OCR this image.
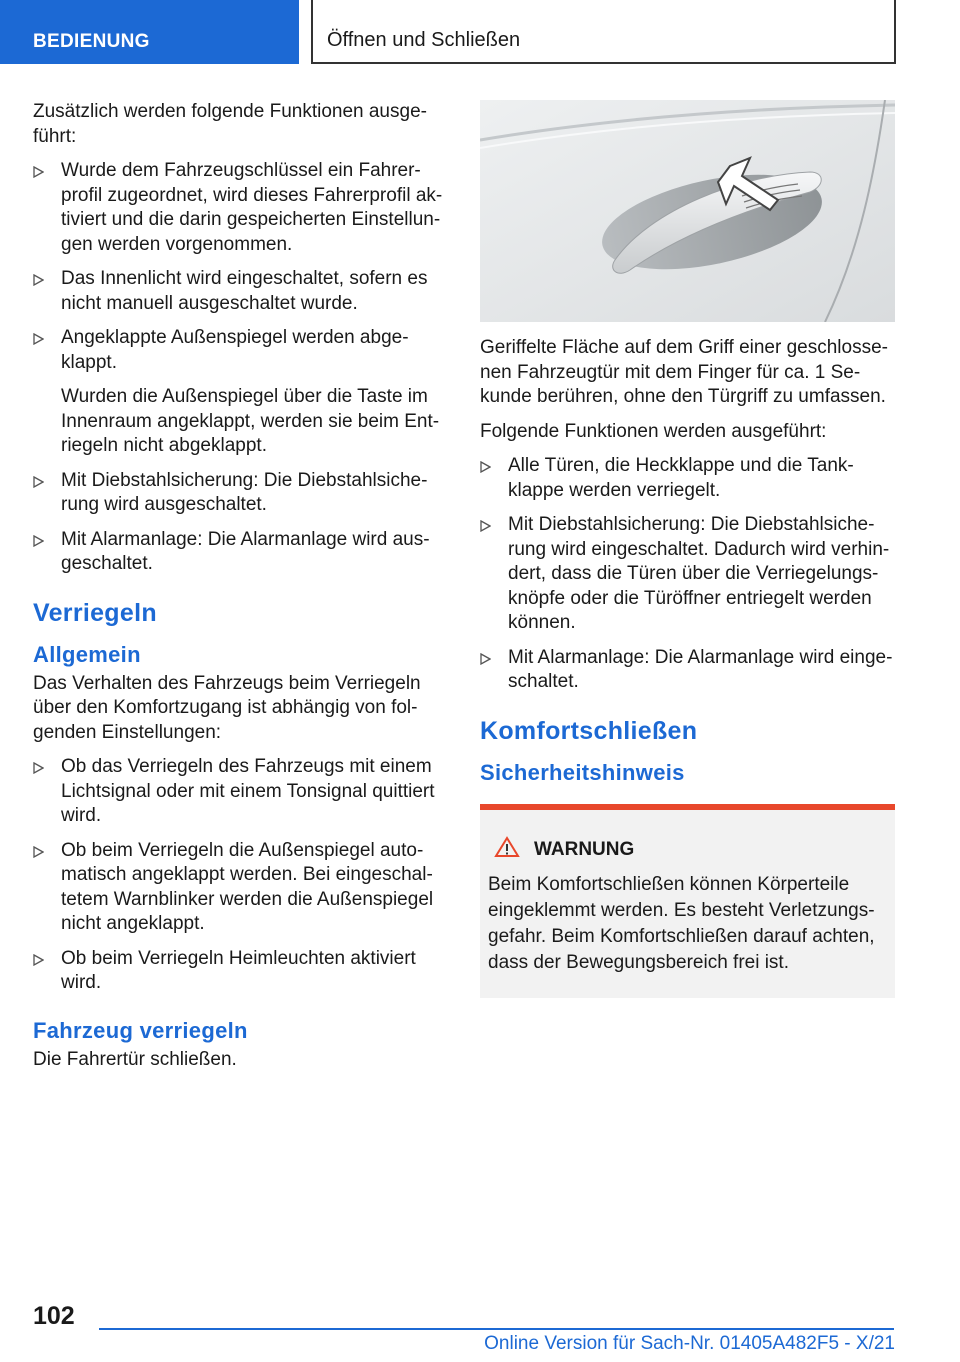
BEDIENUNG	Öffnen und Schließen

Zusätzlich werden folgende Funktionen ausge-führt:

Wurde dem Fahrzeugschlüssel ein Fahrer-profil zugeordnet, wird dieses Fahrerprofil ak-tiviert und die darin gespeicherten Einstellun-gen werden vorgenommen.
Das Innenlicht wird eingeschaltet, sofern es nicht manuell ausgeschaltet wurde.
Angeklappte Außenspiegel werden abge-klappt.

Wurden die Außenspiegel über die Taste im Innenraum angeklappt, werden sie beim Ent-riegeln nicht abgeklappt.

Mit Diebstahlsicherung: Die Diebstahlsiche-rung wird ausgeschaltet.
Mit Alarmanlage: Die Alarmanlage wird aus-geschaltet.
Verriegeln
Allgemein

Das Verhalten des Fahrzeugs beim Verriegeln über den Komfortzugang ist abhängig von fol-genden Einstellungen:

Ob das Verriegeln des Fahrzeugs mit einem Lichtsignal oder mit einem Tonsignal quittiert wird.
Ob beim Verriegeln die Außenspiegel auto-matisch angeklappt werden. Bei eingeschal-tetem Warnblinker werden die Außenspiegel nicht angeklappt.
Ob beim Verriegeln Heimleuchten aktiviert wird.
Fahrzeug verriegeln

Die Fahrertür schließen.

Geriffelte Fläche auf dem Griff einer geschlosse-nen Fahrzeugtür mit dem Finger für ca. 1 Se-kunde berühren, ohne den Türgriff zu umfassen.

Folgende Funktionen werden ausgeführt:

Alle Türen, die Heckklappe und die Tank-klappe werden verriegelt.
Mit Diebstahlsicherung: Die Diebstahlsiche-rung wird eingeschaltet. Dadurch wird verhin-dert, dass die Türen über die Verriegelungs-knöpfe oder die Türöffner entriegelt werden können.
Mit Alarmanlage: Die Alarmanlage wird einge-schaltet.
Komfortschließen
Sicherheitshinweis
WARNUNG

Beim Komfortschließen können Körperteile eingeklemmt werden. Es besteht Verletzungs-gefahr. Beim Komfortschließen darauf achten, dass der Bewegungsbereich frei ist.

102
Online Version für Sach-Nr. 01405A482F5 - X/21
